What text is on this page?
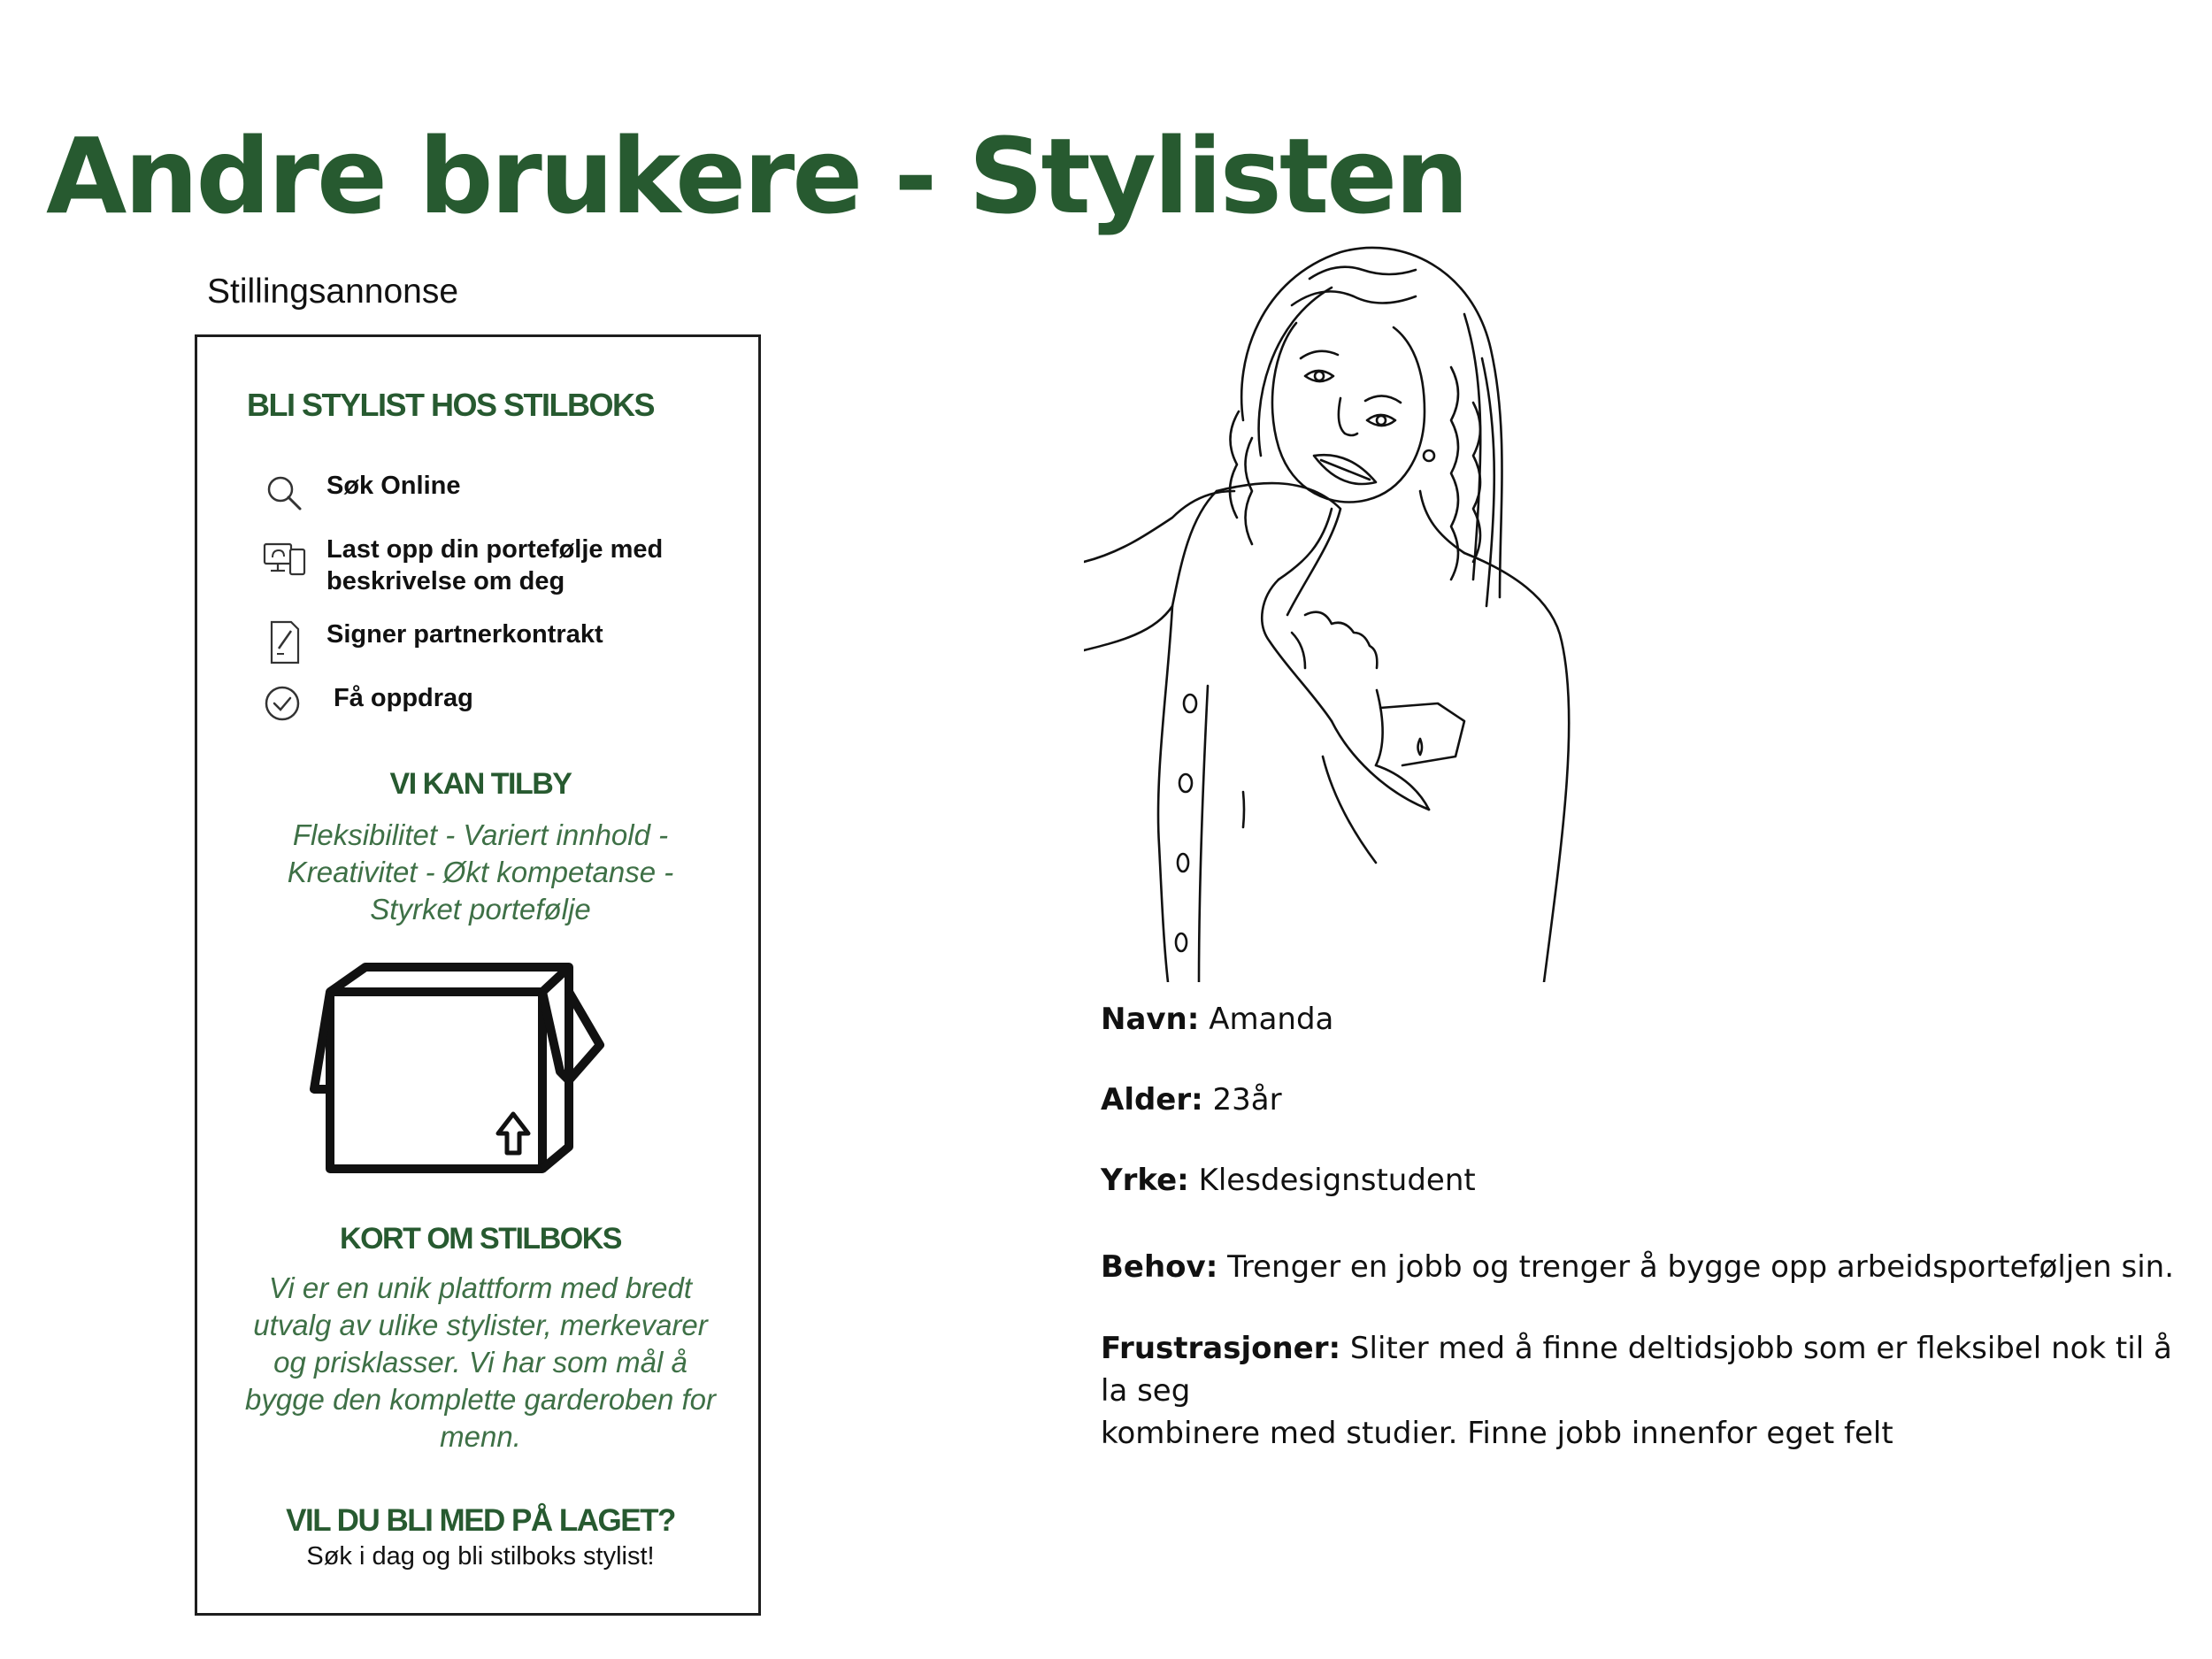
Andre brukere - Stylisten
Stillingsannonse
BLI STYLIST HOS STILBOKS
Søk Online
Last opp din portefølje med beskrivelse om deg
Signer partnerkontrakt
Få oppdrag
VI KAN TILBY
Fleksibilitet - Variert innhold -
Kreativitet - Økt kompetanse -
Styrket portefølje
KORT OM STILBOKS
Vi er en unik plattform med bredt
utvalg av ulike stylister, merkevarer
og prisklasser. Vi har som mål å
bygge den komplette garderoben for
menn.
VIL DU BLI MED PÅ LAGET?
Søk i dag og bli stilboks stylist!
Navn: Amanda
Alder: 23år
Yrke: Klesdesignstudent
Behov: Trenger en jobb og trenger å bygge opp arbeidsporteføljen sin.
Frustrasjoner: Sliter med å finne deltidsjobb som er fleksibel nok til å la seg
kombinere med studier. Finne jobb innenfor eget felt
